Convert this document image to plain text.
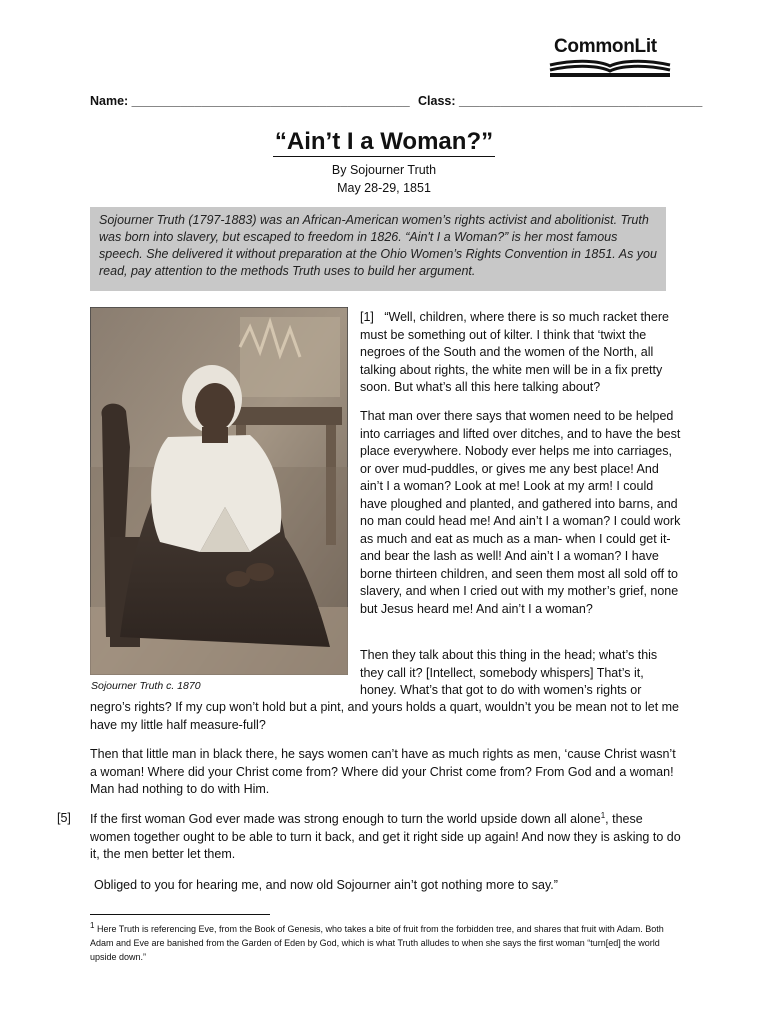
CommonLit
Name: ________________________________________ Class: ___________________________________
“Ain’t I a Woman?”
By Sojourner Truth
May 28-29, 1851
Sojourner Truth (1797-1883) was an African-American women’s rights activist and abolitionist. Truth was born into slavery, but escaped to freedom in 1826. “Ain't I a Woman?” is her most famous speech. She delivered it without preparation at the Ohio Women’s Rights Convention in 1851. As you read, pay attention to the methods Truth uses to build her argument.
Sojourner Truth c. 1870
[1] “Well, children, where there is so much racket there must be something out of kilter. I think that ‘twixt the negroes of the South and the women of the North, all talking about rights, the white men will be in a fix pretty soon. But what’s all this here talking about?
That man over there says that women need to be helped into carriages and lifted over ditches, and to have the best place everywhere. Nobody ever helps me into carriages, or over mud-puddles, or gives me any best place! And ain’t I a woman? Look at me! Look at my arm! I could have ploughed and planted, and gathered into barns, and no man could head me! And ain’t I a woman? I could work as much and eat as much as a man- when I could get it- and bear the lash as well! And ain’t I a woman? I have borne thirteen children, and seen them most all sold off to slavery, and when I cried out with my mother’s grief, none but Jesus heard me! And ain’t I a woman?
Then they talk about this thing in the head; what’s this they call it? [Intellect, somebody whispers] That’s it, honey. What’s that got to do with women’s rights or
negro’s rights? If my cup won’t hold but a pint, and yours holds a quart, wouldn’t you be mean not to let me have my little half measure-full?
Then that little man in black there, he says women can’t have as much rights as men, ‘cause Christ wasn’t a woman! Where did your Christ come from? Where did your Christ come from? From God and a woman! Man had nothing to do with Him.
[5] If the first woman God ever made was strong enough to turn the world upside down all alone$^1$, these women together ought to be able to turn it back, and get it right side up again! And now they is asking to do it, the men better let them.
Obliged to you for hearing me, and now old Sojourner ain’t got nothing more to say.”
$^1$ Here Truth is referencing Eve, from the Book of Genesis, who takes a bite of fruit from the forbidden tree, and shares that fruit with Adam. Both Adam and Eve are banished from the Garden of Eden by God, which is what Truth alludes to when she says the first woman “turn[ed] the world upside down.”
